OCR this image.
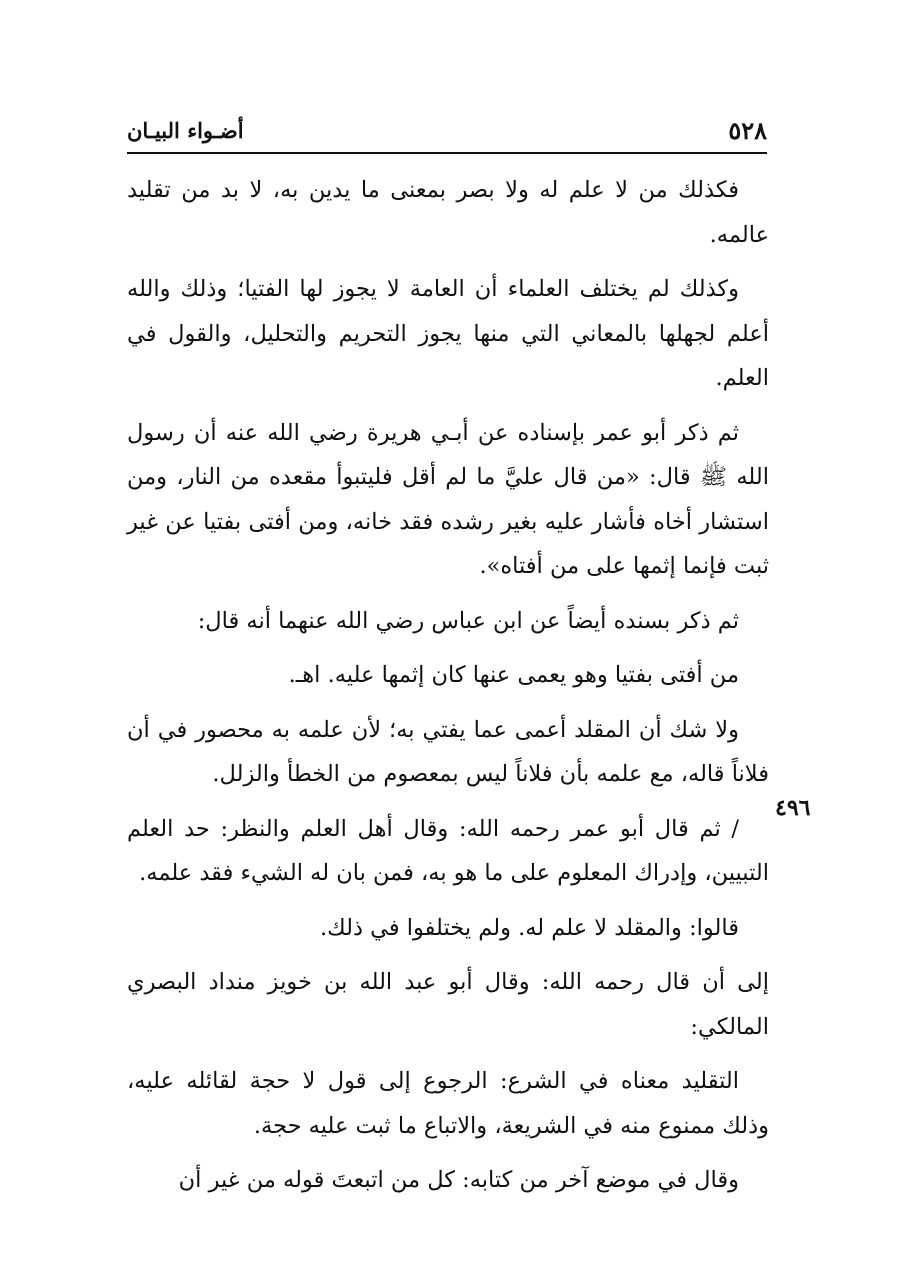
٥٢٨
أضـواء البيـان
٤٩٦

فكذلك من لا علم له ولا بصر بمعنى ما يدين به، لا بد من تقليد عالمه.

وكذلك لم يختلف العلماء أن العامة لا يجوز لها الفتيا؛ وذلك والله أعلم لجهلها بالمعاني التي منها يجوز التحريم والتحليل، والقول في العلم.

ثم ذكر أبو عمر بإسناده عن أبـي هريرة رضي الله عنه أن رسول الله ﷺ قال: «من قال عليَّ ما لم أقل فليتبوأ مقعده من النار، ومن استشار أخاه فأشار عليه بغير رشده فقد خانه، ومن أفتى بفتيا عن غير ثبت فإنما إثمها على من أفتاه».

ثم ذكر بسنده أيضاً عن ابن عباس رضي الله عنهما أنه قال:

من أفتى بفتيا وهو يعمى عنها كان إثمها عليه. اهـ.

ولا شك أن المقلد أعمى عما يفتي به؛ لأن علمه به محصور في أن فلاناً قاله، مع علمه بأن فلاناً ليس بمعصوم من الخطأ والزلل.

/ ثم قال أبو عمر رحمه الله: وقال أهل العلم والنظر: حد العلم التبيين، وإدراك المعلوم على ما هو به، فمن بان له الشيء فقد علمه.

قالوا: والمقلد لا علم له. ولم يختلفوا في ذلك.

إلى أن قال رحمه الله: وقال أبو عبد الله بن خويز منداد البصري المالكي:

التقليد معناه في الشرع: الرجوع إلى قول لا حجة لقائله عليه، وذلك ممنوع منه في الشريعة، والاتباع ما ثبت عليه حجة.

وقال في موضع آخر من كتابه: كل من اتبعتَ قوله من غير أن
